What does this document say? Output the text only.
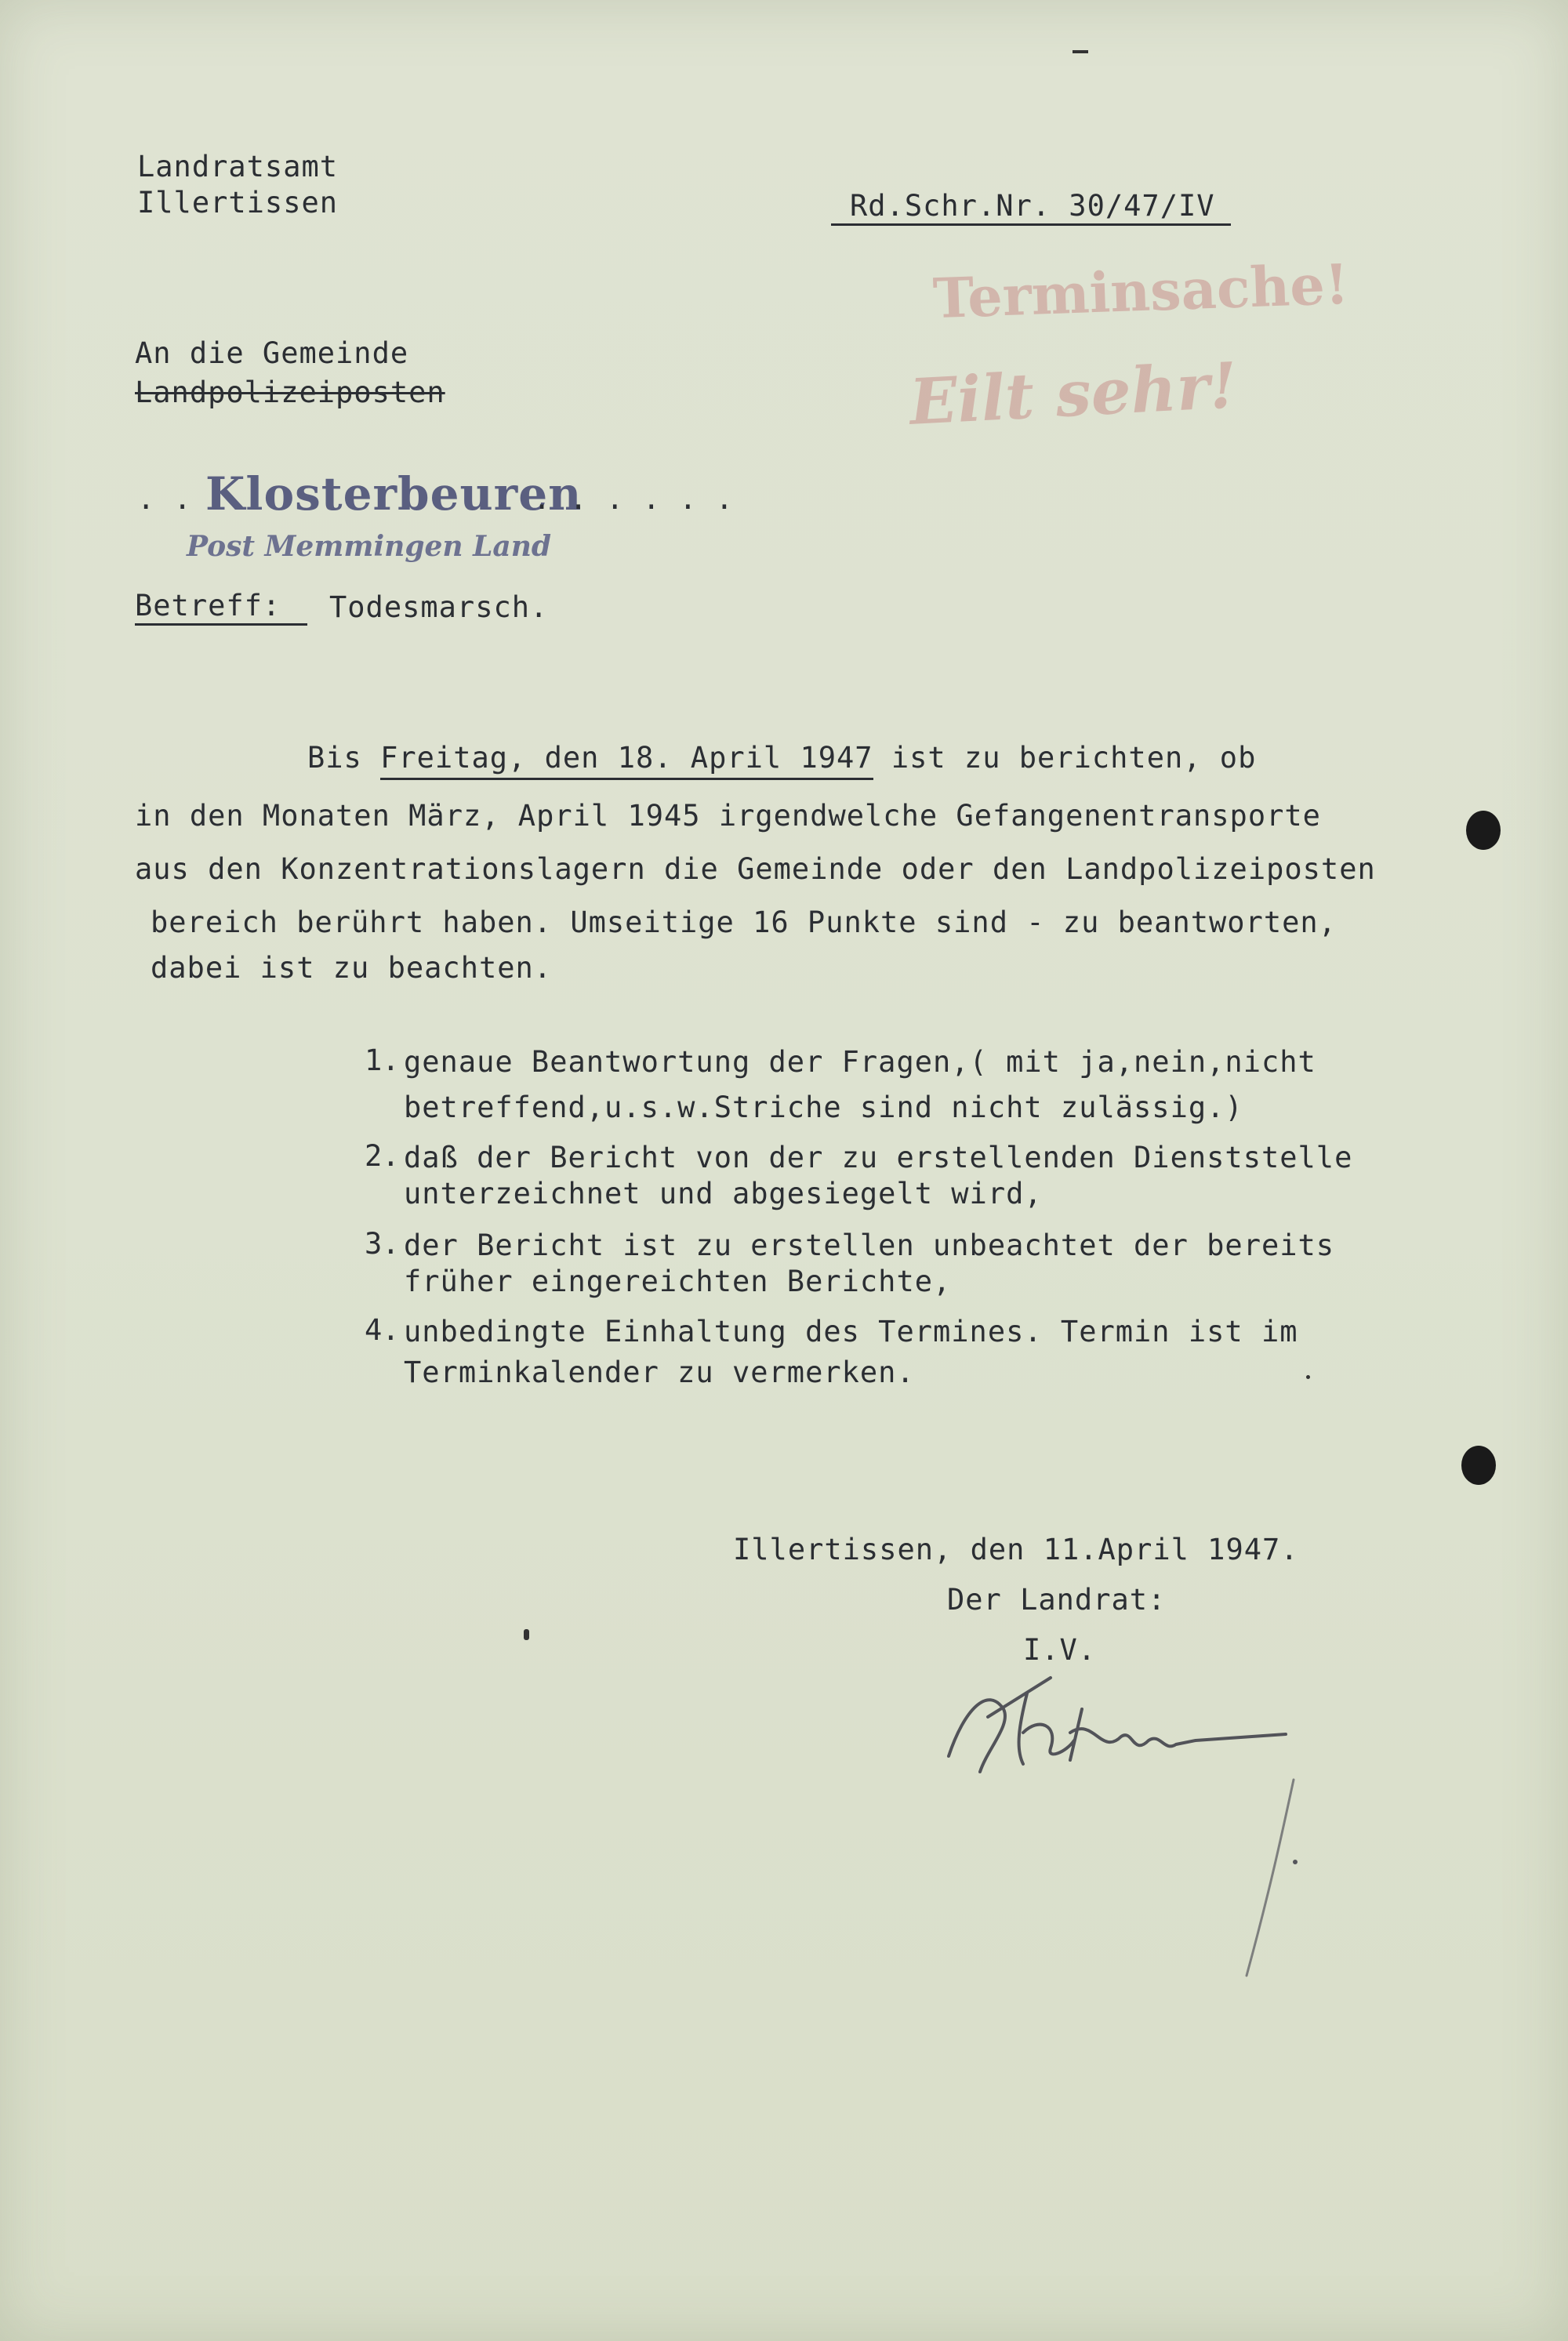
Landratsamt
Illertissen	Rd.Schr.Nr. 30/47/IV
Terminsache!
Eilt sehr!
An die Gemeinde
Landpolizeiposten
. . Klosterbeuren
. . . . . .
Post Memmingen Land
Betreff:	Todesmarsch.
Bis Freitag, den 18. April 1947 ist zu berichten, ob
in den Monaten März, April 1945 irgendwelche Gefangenentransporte
aus den Konzentrationslagern die Gemeinde oder den Landpolizeiposten
bereich berührt haben. Umseitige 16 Punkte sind - zu beantworten,
dabei ist zu beachten.
1. genaue Beantwortung der Fragen,( mit ja,nein,nicht
betreffend,u.s.w.Striche sind nicht zulässig.)
2. daß der Bericht von der zu erstellenden Dienststelle
unterzeichnet und abgesiegelt wird,
3. der Bericht ist zu erstellen unbeachtet der bereits
früher eingereichten Berichte,
4. unbedingte Einhaltung des Termines. Termin ist im
Terminkalender zu vermerken.
Illertissen, den 11.April 1947.
Der Landrat:
I.V.
